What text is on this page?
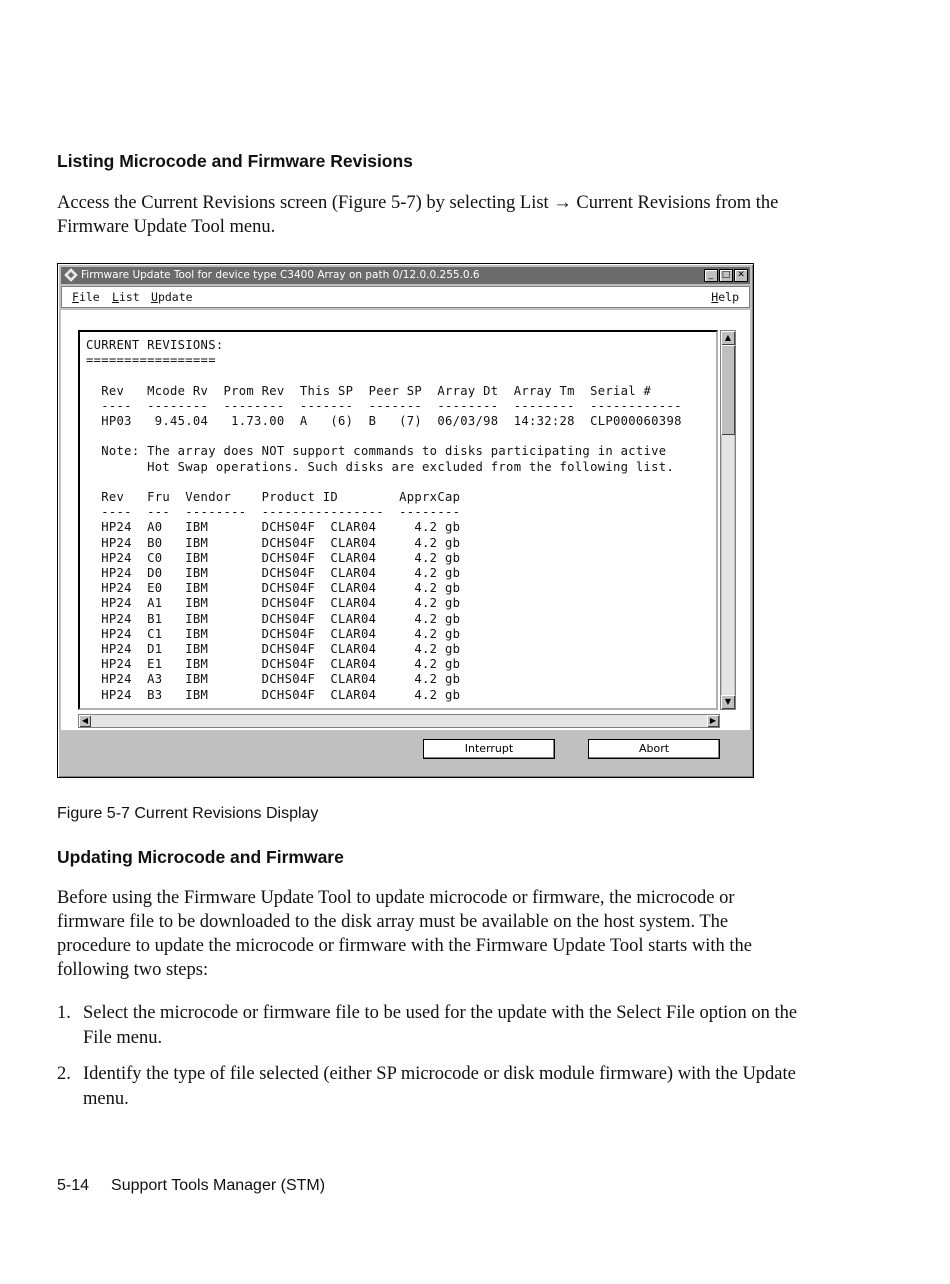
Listing Microcode and Firmware Revisions
Access the Current Revisions screen (Figure 5-7) by selecting List → Current Revisions from the
Firmware Update Tool menu.
Firmware Update Tool for device type C3400 Array on path 0/12.0.0.255.0.6	_ □ ✕
File List Update	Help
CURRENT REVISIONS:
=================

Rev   Mcode Rv  Prom Rev  This SP  Peer SP  Array Dt  Array Tm  Serial #
----  --------  --------  -------  -------  --------  --------  ------------
HP03   9.45.04   1.73.00  A   (6)  B   (7)  06/03/98  14:32:28  CLP000060398

Note: The array does NOT support commands to disks participating in active
Hot Swap operations. Such disks are excluded from the following list.

Rev   Fru  Vendor    Product ID        ApprxCap
----  ---  --------  ----------------  --------
HP24  A0   IBM       DCHS04F  CLAR04     4.2 gb
HP24  B0   IBM       DCHS04F  CLAR04     4.2 gb
HP24  C0   IBM       DCHS04F  CLAR04     4.2 gb
HP24  D0   IBM       DCHS04F  CLAR04     4.2 gb
HP24  E0   IBM       DCHS04F  CLAR04     4.2 gb
HP24  A1   IBM       DCHS04F  CLAR04     4.2 gb
HP24  B1   IBM       DCHS04F  CLAR04     4.2 gb
HP24  C1   IBM       DCHS04F  CLAR04     4.2 gb
HP24  D1   IBM       DCHS04F  CLAR04     4.2 gb
HP24  E1   IBM       DCHS04F  CLAR04     4.2 gb
HP24  A3   IBM       DCHS04F  CLAR04     4.2 gb
HP24  B3   IBM       DCHS04F  CLAR04     4.2 gb
▲
▼
◀	▶
Interrupt	Abort
Figure 5-7 Current Revisions Display
Updating Microcode and Firmware
Before using the Firmware Update Tool to update microcode or firmware, the microcode or
firmware file to be downloaded to the disk array must be available on the host system. The
procedure to update the microcode or firmware with the Firmware Update Tool starts with the
following two steps:
1. Select the microcode or firmware file to be used for the update with the Select File option on the
File menu.
2. Identify the type of file selected (either SP microcode or disk module firmware) with the Update
menu.
5-14 Support Tools Manager (STM)
